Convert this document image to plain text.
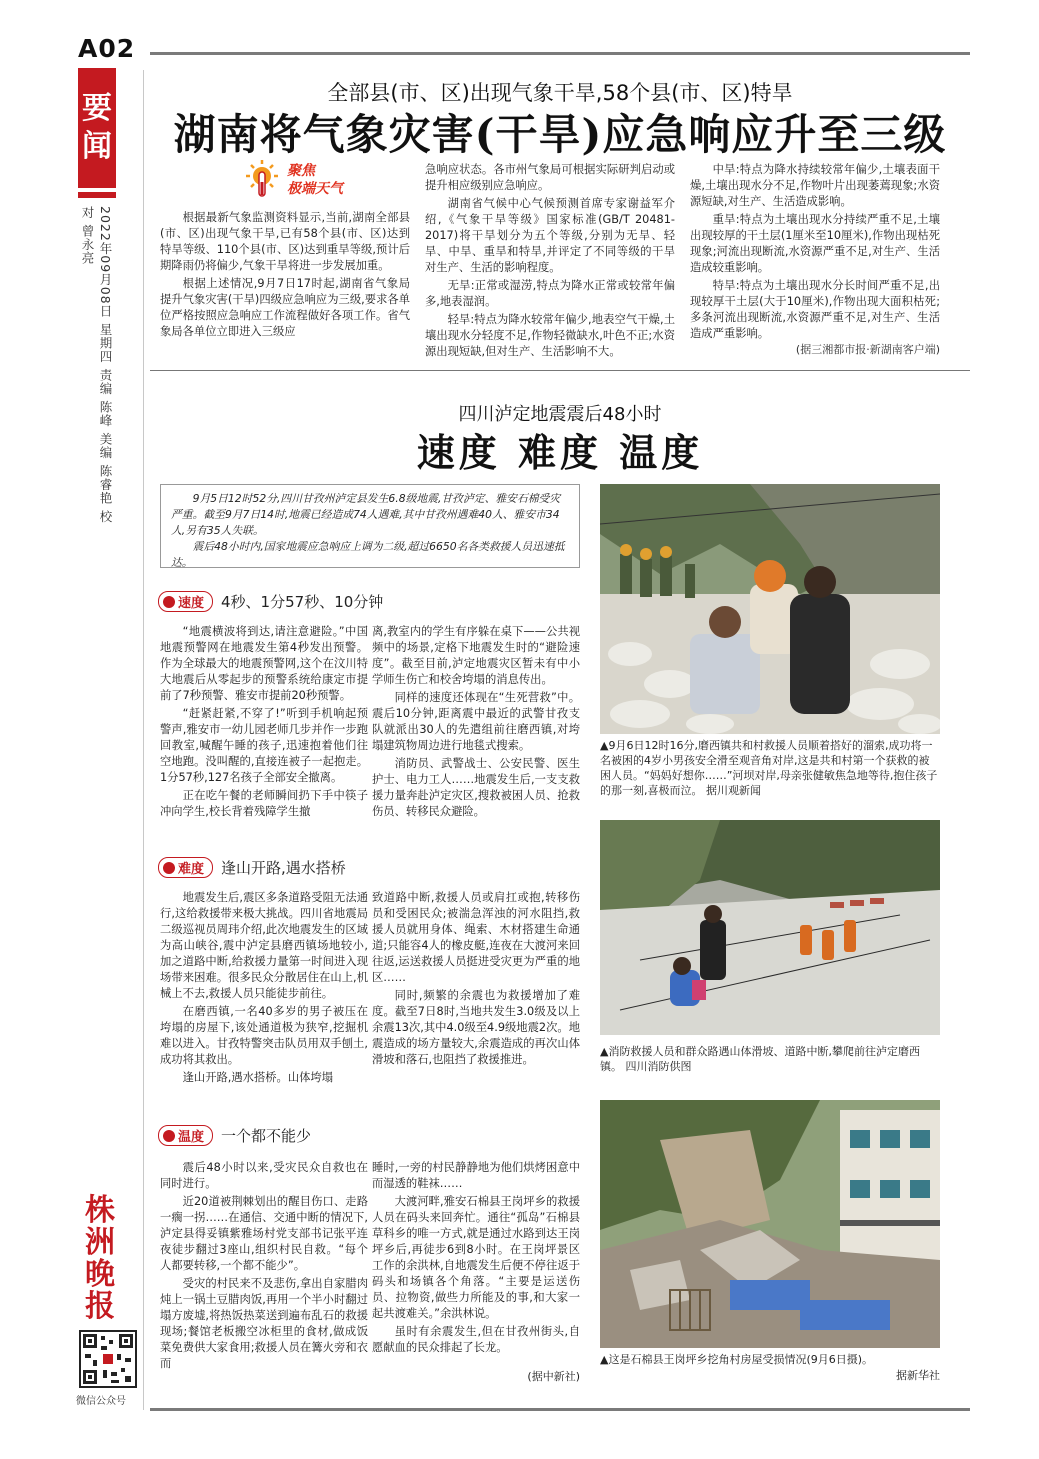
A02
要
闻
2022年09月08日 星期四 责编 陈峰 美编 陈睿艳 校对 曾永亮
株
洲
晚
报
微信公众号
全部县(市、区)出现气象干旱,58个县(市、区)特旱
湖南将气象灾害(干旱)应急响应升至三级
聚焦
极端天气

根据最新气象监测资料显示,当前,湖南全部县(市、区)出现气象干旱,已有58个县(市、区)达到特旱等级、110个县(市、区)达到重旱等级,预计后期降雨仍将偏少,气象干旱将进一步发展加重。

根据上述情况,9月7日17时起,湖南省气象局提升气象灾害(干旱)四级应急响应为三级,要求各单位严格按照应急响应工作流程做好各项工作。省气象局各单位立即进入三级应

急响应状态。各市州气象局可根据实际研判启动或提升相应级别应急响应。

湖南省气候中心气候预测首席专家谢益军介绍,《气象干旱等级》国家标准(GB/T 20481-2017)将干旱划分为五个等级,分别为无旱、轻旱、中旱、重旱和特旱,并评定了不同等级的干旱对生产、生活的影响程度。

无旱:正常或湿涝,特点为降水正常或较常年偏多,地表湿润。

轻旱:特点为降水较常年偏少,地表空气干燥,土壤出现水分轻度不足,作物轻微缺水,叶色不正;水资源出现短缺,但对生产、生活影响不大。

中旱:特点为降水持续较常年偏少,土壤表面干燥,土壤出现水分不足,作物叶片出现萎蔫现象;水资源短缺,对生产、生活造成影响。

重旱:特点为土壤出现水分持续严重不足,土壤出现较厚的干土层(1厘米至10厘米),作物出现枯死现象;河流出现断流,水资源严重不足,对生产、生活造成较重影响。

特旱:特点为土壤出现水分长时间严重不足,出现较厚干土层(大于10厘米),作物出现大面积枯死;多条河流出现断流,水资源严重不足,对生产、生活造成严重影响。

(据三湘都市报·新湖南客户端)
四川泸定地震震后48小时
速度 难度 温度

9月5日12时52分,四川甘孜州泸定县发生6.8级地震,甘孜泸定、雅安石棉受灾严重。截至9月7日14时,地震已经造成74人遇难,其中甘孜州遇难40人、雅安市34人,另有35人失联。

震后48小时内,国家地震应急响应上调为二级,超过6650名各类救援人员迅速抵达。

速度 4秒、1分57秒、10分钟

“地震横波将到达,请注意避险。”中国地震预警网在地震发生第4秒发出预警。作为全球最大的地震预警网,这个在汶川特大地震后从零起步的预警系统给康定市提前了7秒预警、雅安市提前20秒预警。

“赶紧赶紧,不穿了!”听到手机响起预警声,雅安市一幼儿园老师几步并作一步跑回教室,喊醒午睡的孩子,迅速抱着他们往空地跑。没叫醒的,直接连被子一起抱走。1分57秒,127名孩子全部安全撤离。

正在吃午餐的老师瞬间扔下手中筷子冲向学生,校长背着残障学生撤

离,教室内的学生有序躲在桌下——公共视频中的场景,定格下地震发生时的“避险速度”。截至目前,泸定地震灾区暂未有中小学师生伤亡和校舍垮塌的消息传出。

同样的速度还体现在“生死营救”中。震后10分钟,距离震中最近的武警甘孜支队就派出30人的先遣组前往磨西镇,对垮塌建筑物周边进行地毯式搜索。

消防员、武警战士、公安民警、医生护士、电力工人……地震发生后,一支支救援力量奔赴泸定灾区,搜救被困人员、抢救伤员、转移民众避险。

难度 逢山开路,遇水搭桥

地震发生后,震区多条道路受阻无法通行,这给救援带来极大挑战。四川省地震局二级巡视员周玮介绍,此次地震发生的区域为高山峡谷,震中泸定县磨西镇场地较小,加之道路中断,给救援力量第一时间进入现场带来困难。很多民众分散居住在山上,机械上不去,救援人员只能徒步前往。

在磨西镇,一名40多岁的男子被压在垮塌的房屋下,该处通道极为狭窄,挖掘机难以进入。甘孜特警突击队员用双手刨土,成功将其救出。

逢山开路,遇水搭桥。山体垮塌

致道路中断,救援人员或肩扛或抱,转移伤员和受困民众;被湍急浑浊的河水阻挡,救援人员就用身体、绳索、木材搭建生命通道;只能容4人的橡皮艇,连夜在大渡河来回往返,运送救援人员挺进受灾更为严重的地区……

同时,频繁的余震也为救援增加了难度。截至7日8时,当地共发生3.0级及以上余震13次,其中4.0级至4.9级地震2次。地震造成的场方量较大,余震造成的再次山体滑坡和落石,也阻挡了救援推进。

温度 一个都不能少

震后48小时以来,受灾民众自救也在同时进行。

近20道被荆棘划出的醒目伤口、走路一瘸一拐……在通信、交通中断的情况下,泸定县得妥镇紫雅场村党支部书记张平连夜徒步翻过3座山,组织村民自救。“每个人都要转移,一个都不能少”。

受灾的村民来不及悲伤,拿出自家腊肉炖上一锅土豆腊肉饭,再用一个半小时翻过塌方废墟,将热饭热菜送到遍布乱石的救援现场;餐馆老板搬空冰柜里的食材,做成饭菜免费供大家食用;救援人员在篝火旁和衣而

睡时,一旁的村民静静地为他们烘烤困意中而湿透的鞋袜……

大渡河畔,雅安石棉县王岗坪乡的救援人员在码头来回奔忙。通往“孤岛”石棉县草科乡的唯一方式,就是通过水路到达王岗坪乡后,再徒步6到8小时。在王岗坪景区工作的余洪林,自地震发生后便不停往返于码头和场镇各个角落。“主要是运送伤员、拉物资,做些力所能及的事,和大家一起共渡难关。”余洪林说。

虽时有余震发生,但在甘孜州街头,自愿献血的民众排起了长龙。

(据中新社)
▲9月6日12时16分,磨西镇共和村救援人员顺着搭好的溜索,成功将一名被困的4岁小男孩安全滑至观音角对岸,这是共和村第一个获救的被困人员。“妈妈好想你……”河坝对岸,母亲张健敏焦急地等待,抱住孩子的那一刻,喜极而泣。 据川观新闻
▲消防救援人员和群众路遇山体滑坡、道路中断,攀爬前往泸定磨西镇。 四川消防供图
▲这是石棉县王岗坪乡挖角村房屋受损情况(9月6日摄)。
据新华社
